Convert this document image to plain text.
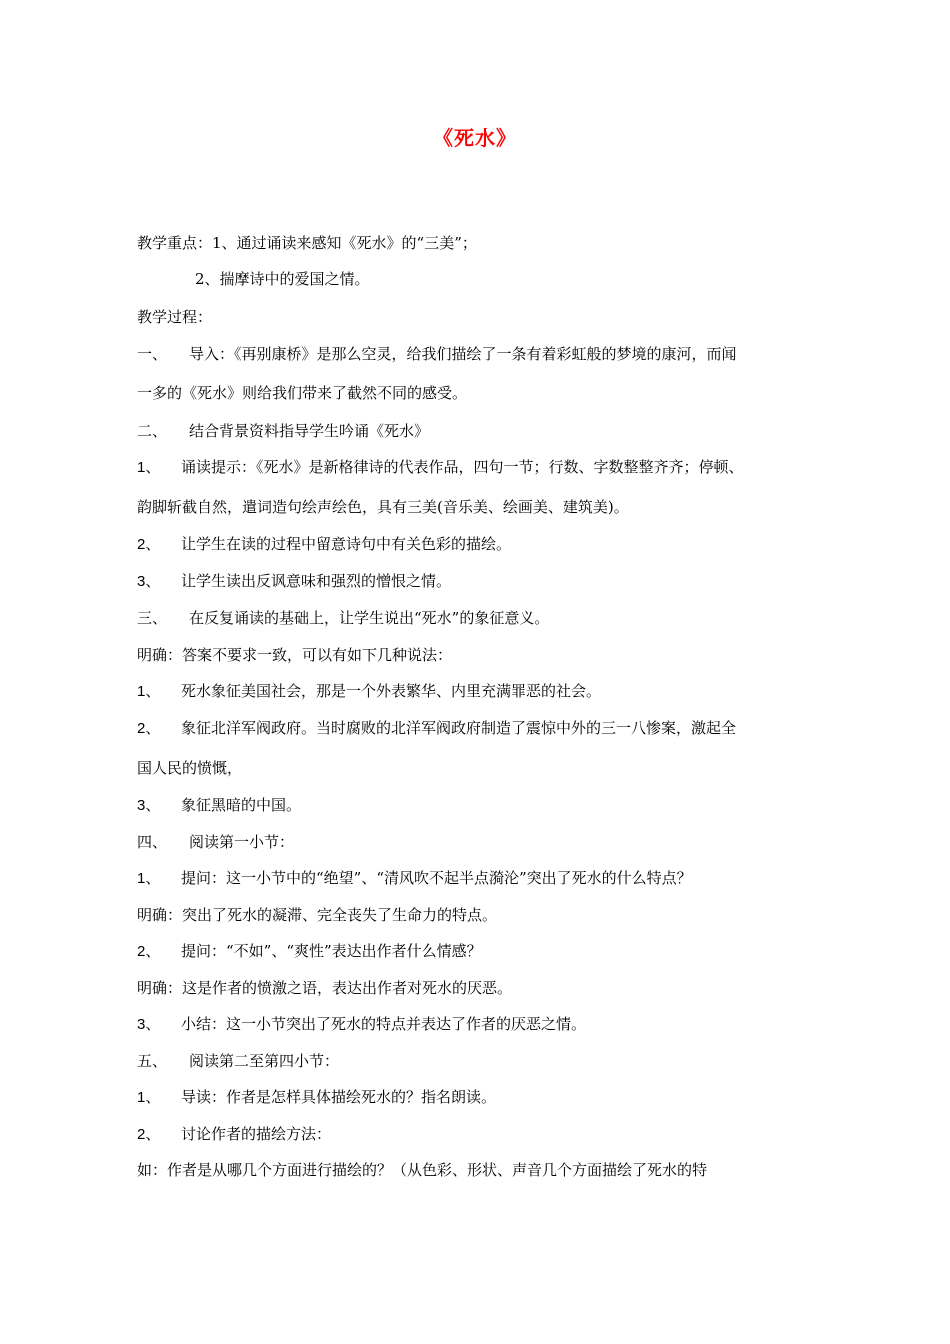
《死水》
教学重点：1、通过诵读来感知《死水》的“三美”；
2、揣摩诗中的爱国之情。
教学过程：
一、 导入：《再别康桥》是那么空灵，给我们描绘了一条有着彩虹般的梦境的康河，而闻
一多的《死水》则给我们带来了截然不同的感受。
二、 结合背景资料指导学生吟诵《死水》
1、 诵读提示：《死水》是新格律诗的代表作品，四句一节；行数、字数整整齐齐；停顿、
韵脚斩截自然，遣词造句绘声绘色，具有三美(音乐美、绘画美、建筑美)。
2、 让学生在读的过程中留意诗句中有关色彩的描绘。
3、 让学生读出反讽意味和强烈的憎恨之情。
三、 在反复诵读的基础上，让学生说出“死水”的象征意义。
明确：答案不要求一致，可以有如下几种说法：
1、 死水象征美国社会，那是一个外表繁华、内里充满罪恶的社会。
2、 象征北洋军阀政府。当时腐败的北洋军阀政府制造了震惊中外的三一八惨案，激起全
国人民的愤慨，
3、 象征黑暗的中国。
四、 阅读第一小节：
1、 提问：这一小节中的“绝望”、“清风吹不起半点漪沦”突出了死水的什么特点？
明确：突出了死水的凝滞、完全丧失了生命力的特点。
2、 提问：“不如”、“爽性”表达出作者什么情感？
明确：这是作者的愤激之语，表达出作者对死水的厌恶。
3、 小结：这一小节突出了死水的特点并表达了作者的厌恶之情。
五、 阅读第二至第四小节：
1、 导读：作者是怎样具体描绘死水的？指名朗读。
2、 讨论作者的描绘方法：
如：作者是从哪几个方面进行描绘的？（从色彩、形状、声音几个方面描绘了死水的特
